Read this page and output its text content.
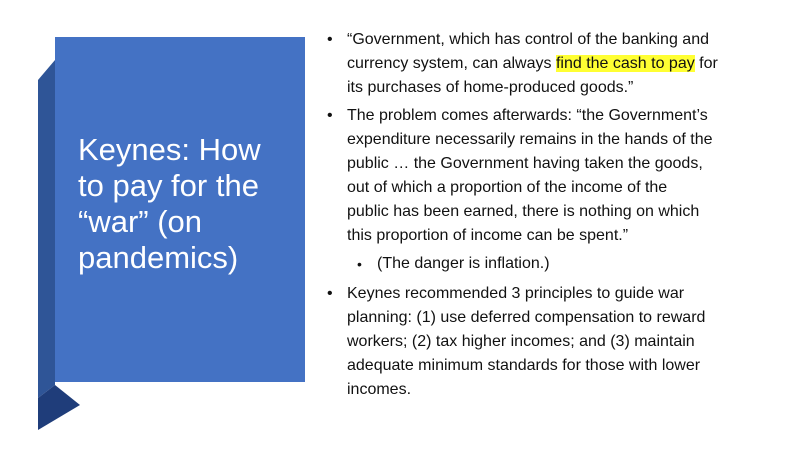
Keynes: How
to pay for the
“war” (on
pandemics)
• “Government, which has control of the banking and
currency system, can always find the cash to pay for
its purchases of home-produced goods.”
• The problem comes afterwards: “the Government’s
expenditure necessarily remains in the hands of the
public … the Government having taken the goods,
out of which a proportion of the income of the
public has been earned, there is nothing on which
this proportion of income can be spent.”
• (The danger is inflation.)
• Keynes recommended 3 principles to guide war
planning: (1) use deferred compensation to reward
workers; (2) tax higher incomes; and (3) maintain
adequate minimum standards for those with lower
incomes.
